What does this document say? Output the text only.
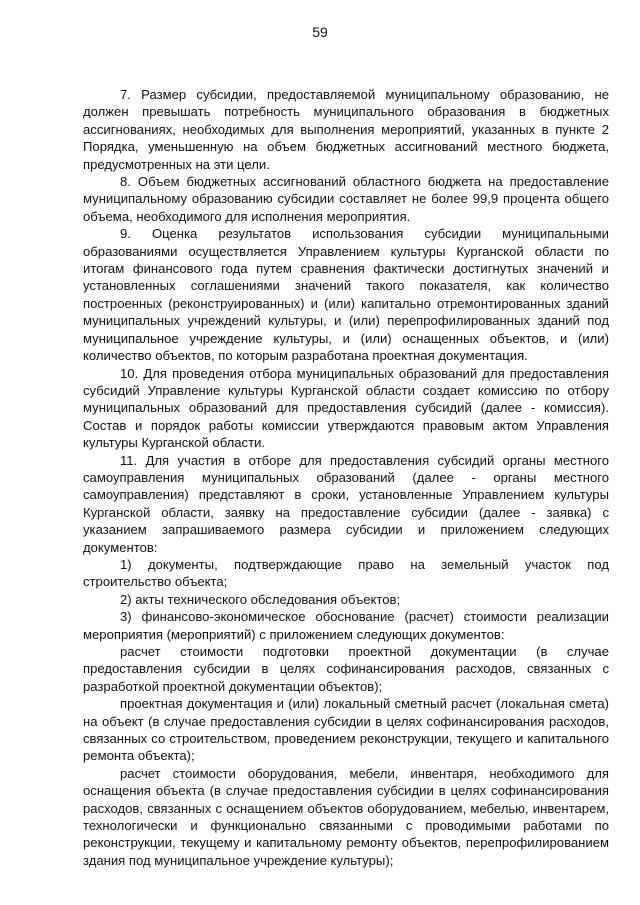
59

7. Размер субсидии, предоставляемой муниципальному образованию, не должен превышать потребность муниципального образования в бюджетных ассигнованиях, необходимых для выполнения мероприятий, указанных в пункте 2 Порядка, уменьшенную на объем бюджетных ассигнований местного бюджета, предусмотренных на эти цели.

8. Объем бюджетных ассигнований областного бюджета на предоставление муниципальному образованию субсидии составляет не более 99,9 процента общего объема, необходимого для исполнения мероприятия.

9. Оценка результатов использования субсидии муниципальными образованиями осуществляется Управлением культуры Курганской области по итогам финансового года путем сравнения фактически достигнутых значений и установленных соглашениями значений такого показателя, как количество построенных (реконструированных) и (или) капитально отремонтированных зданий муниципальных учреждений культуры, и (или) перепрофилированных зданий под муниципальное учреждение культуры, и (или) оснащенных объектов, и (или) количество объектов, по которым разработана проектная документация.

10. Для проведения отбора муниципальных образований для предоставления субсидий Управление культуры Курганской области создает комиссию по отбору муниципальных образований для предоставления субсидий (далее - комиссия). Состав и порядок работы комиссии утверждаются правовым актом Управления культуры Курганской области.

11. Для участия в отборе для предоставления субсидий органы местного самоуправления муниципальных образований (далее - органы местного самоуправления) представляют в сроки, установленные Управлением культуры Курганской области, заявку на предоставление субсидии (далее - заявка) с указанием запрашиваемого размера субсидии и приложением следующих документов:

1) документы, подтверждающие право на земельный участок под строительство объекта;

2) акты технического обследования объектов;

3) финансово-экономическое обоснование (расчет) стоимости реализации мероприятия (мероприятий) с приложением следующих документов:

расчет стоимости подготовки проектной документации (в случае предоставления субсидии в целях софинансирования расходов, связанных с разработкой проектной документации объектов);

проектная документация и (или) локальный сметный расчет (локальная смета) на объект (в случае предоставления субсидии в целях софинансирования расходов, связанных со строительством, проведением реконструкции, текущего и капитального ремонта объекта);

расчет стоимости оборудования, мебели, инвентаря, необходимого для оснащения объекта (в случае предоставления субсидии в целях софинансирования расходов, связанных с оснащением объектов оборудованием, мебелью, инвентарем, технологически и функционально связанными с проводимыми работами по реконструкции, текущему и капитальному ремонту объектов, перепрофилированием здания под муниципальное учреждение культуры);
